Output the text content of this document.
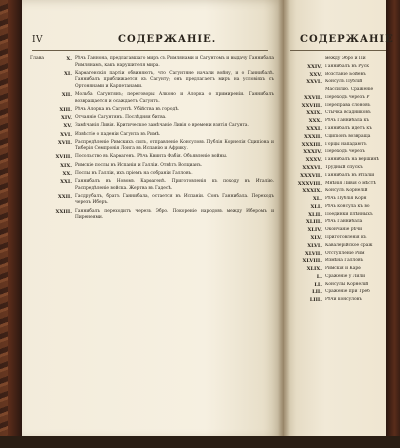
IV	СОДЕРЖАНІЕ.
Глава	X. Рѣчь Ганнона, предлагавшаго миръ съ Римлянами и Сагунтомъ и выдачу Ганнибала Римлянамъ, какъ нарушителя мира.
XI. Карѳагенскія партіи обвиняютъ, что Сагунтяне начали войну, и о Ганнибалѣ. Ганнибалъ приближается къ Сагунту; онъ предлагаетъ миръ на условіяхъ съ Ортонянами и Карпетанами.
XII. Мольба Сагунтянъ; переговоры Алконо и Алорка о примиреніи. Ганнибалъ возвращается и осаждаетъ Сагунтъ.
XIII. Рѣчь Алорка въ Сагунтѣ. Убійства въ городѣ.
XIV. Отчаяніе Сагунтянъ. Послѣдняя битва.
XV. Замѣчанія Ливія. Критическое замѣчаніе Ливія о времени взятія Сагунта.
XVI. Извѣстіе о паденіи Сагунта въ Римѣ.
XVII. Распредѣленіе Римскихъ силъ, отправленіе Консуловъ Публія Корнелія Сципіона и Тиберія Семпронія Лонга въ Испанію и Африку.
XVIII. Посольство въ Карѳагенъ. Рѣчь Квинта Фабія. Объявленіе войны.
XIX. Римскіе послы въ Испаніи и Галліи. Отвѣтъ Волцианъ.
XX. Послы въ Галліи, ихъ пріемъ на собраніи Галловъ.
XXI. Ганнибалъ въ Новомъ Карѳагенѣ. Приготовленія къ походу въ Италію. Распредѣленіе войска. Жертва въ Гадесѣ.
XXII. Гасдрубалъ, братъ Ганнибала, остается въ Испаніи. Сонъ Ганнибала. Переходъ черезъ Иберъ.
XXIII. Ганнибалъ переходитъ черезъ Эбро. Покореніе народовъ между Иберомъ и Пиренеями.
СОДЕРЖАНІЕ
между Эбро и Пи
XXIV. Ганнибалъ въ Руск
XXV. Возстаніе Бойевъ
XXVI. Консулъ Публій
Массилію. Сраженіе
XXVII. Переходъ черезъ Р
XXVIII. Переправа слоновъ
XXIX. Стычка всадниковъ
XXX. Рѣчь Ганнибала къ
XXXI. Ганнибалъ идетъ къ
XXXII. Сципіонъ возвраща
XXXIII. Горцы нападаютъ
XXXIV. Переходъ черезъ
XXXV. Ганнибалъ на вершинѣ
XXXVI. Трудный спускъ
XXXVII. Ганнибалъ въ Италіи
XXXVIII. Мнѣнія Ливія о мѣстѣ
XXXIX. Консулъ Корнелій
XL. Рѣчь Публія Корн
XLI. Рѣчь консула къ во
XLII. Поединки плѣнныхъ
XLIII. Рѣчь Ганнибала
XLIV. Окончаніе рѣчи
XLV. Приготовленія къ
XLVI. Кавалерійское сраж
XLVII. Отступленіе Рим
XLVIII. Измѣна Галловъ
XLIX. Римскія и Карѳ
L. Сраженіе у Лили
LI. Консулы Корнелій
LII. Сраженіе при Треб
LIII. Рѣчи консуловъ
